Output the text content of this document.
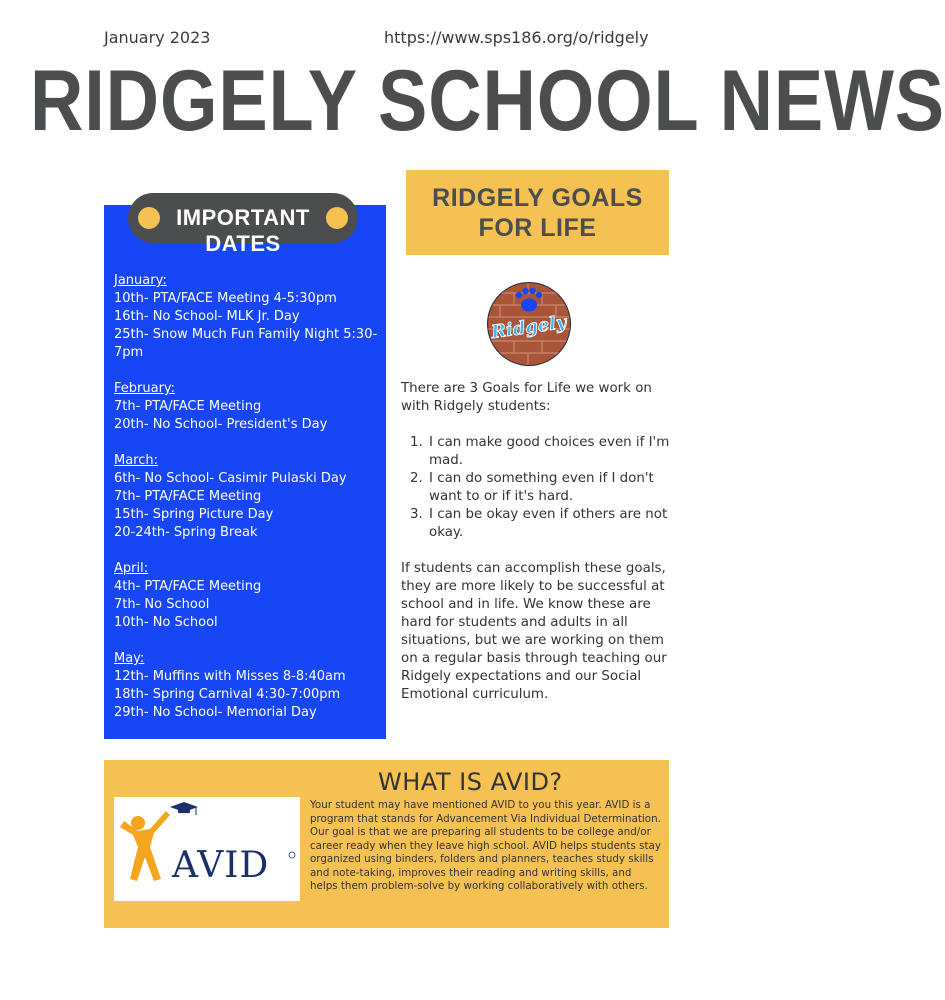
January 2023	https://www.sps186.org/o/ridgely
RIDGELY SCHOOL NEWS
IMPORTANT DATES
January:
10th- PTA/FACE Meeting 4-5:30pm
16th- No School- MLK Jr. Day
25th- Snow Much Fun Family Night 5:30-7pm
February:
7th- PTA/FACE Meeting
20th- No School- President's Day
March:
6th- No School- Casimir Pulaski Day
7th- PTA/FACE Meeting
15th- Spring Picture Day
20-24th- Spring Break
April:
4th- PTA/FACE Meeting
7th- No School
10th- No School
May:
12th- Muffins with Misses 8-8:40am
18th- Spring Carnival 4:30-7:00pm
29th- No School- Memorial Day
RIDGELY GOALS FOR LIFE
Ridgely

There are 3 Goals for Life we work on with Ridgely students:

1. I can make good choices even if I'm mad.
2. I can do something even if I don't want to or if it's hard.
3. I can be okay even if others are not okay.

If students can accomplish these goals, they are more likely to be successful at school and in life. We know these are hard for students and adults in all situations, but we are working on them on a regular basis through teaching our Ridgely expectations and our Social Emotional curriculum.

WHAT IS AVID?
AVID
Your student may have mentioned AVID to you this year. AVID is a program that stands for Advancement Via Individual Determination. Our goal is that we are preparing all students to be college and/or career ready when they leave high school. AVID helps students stay organized using binders, folders and planners, teaches study skills and note-taking, improves their reading and writing skills, and helps them problem-solve by working collaboratively with others.
